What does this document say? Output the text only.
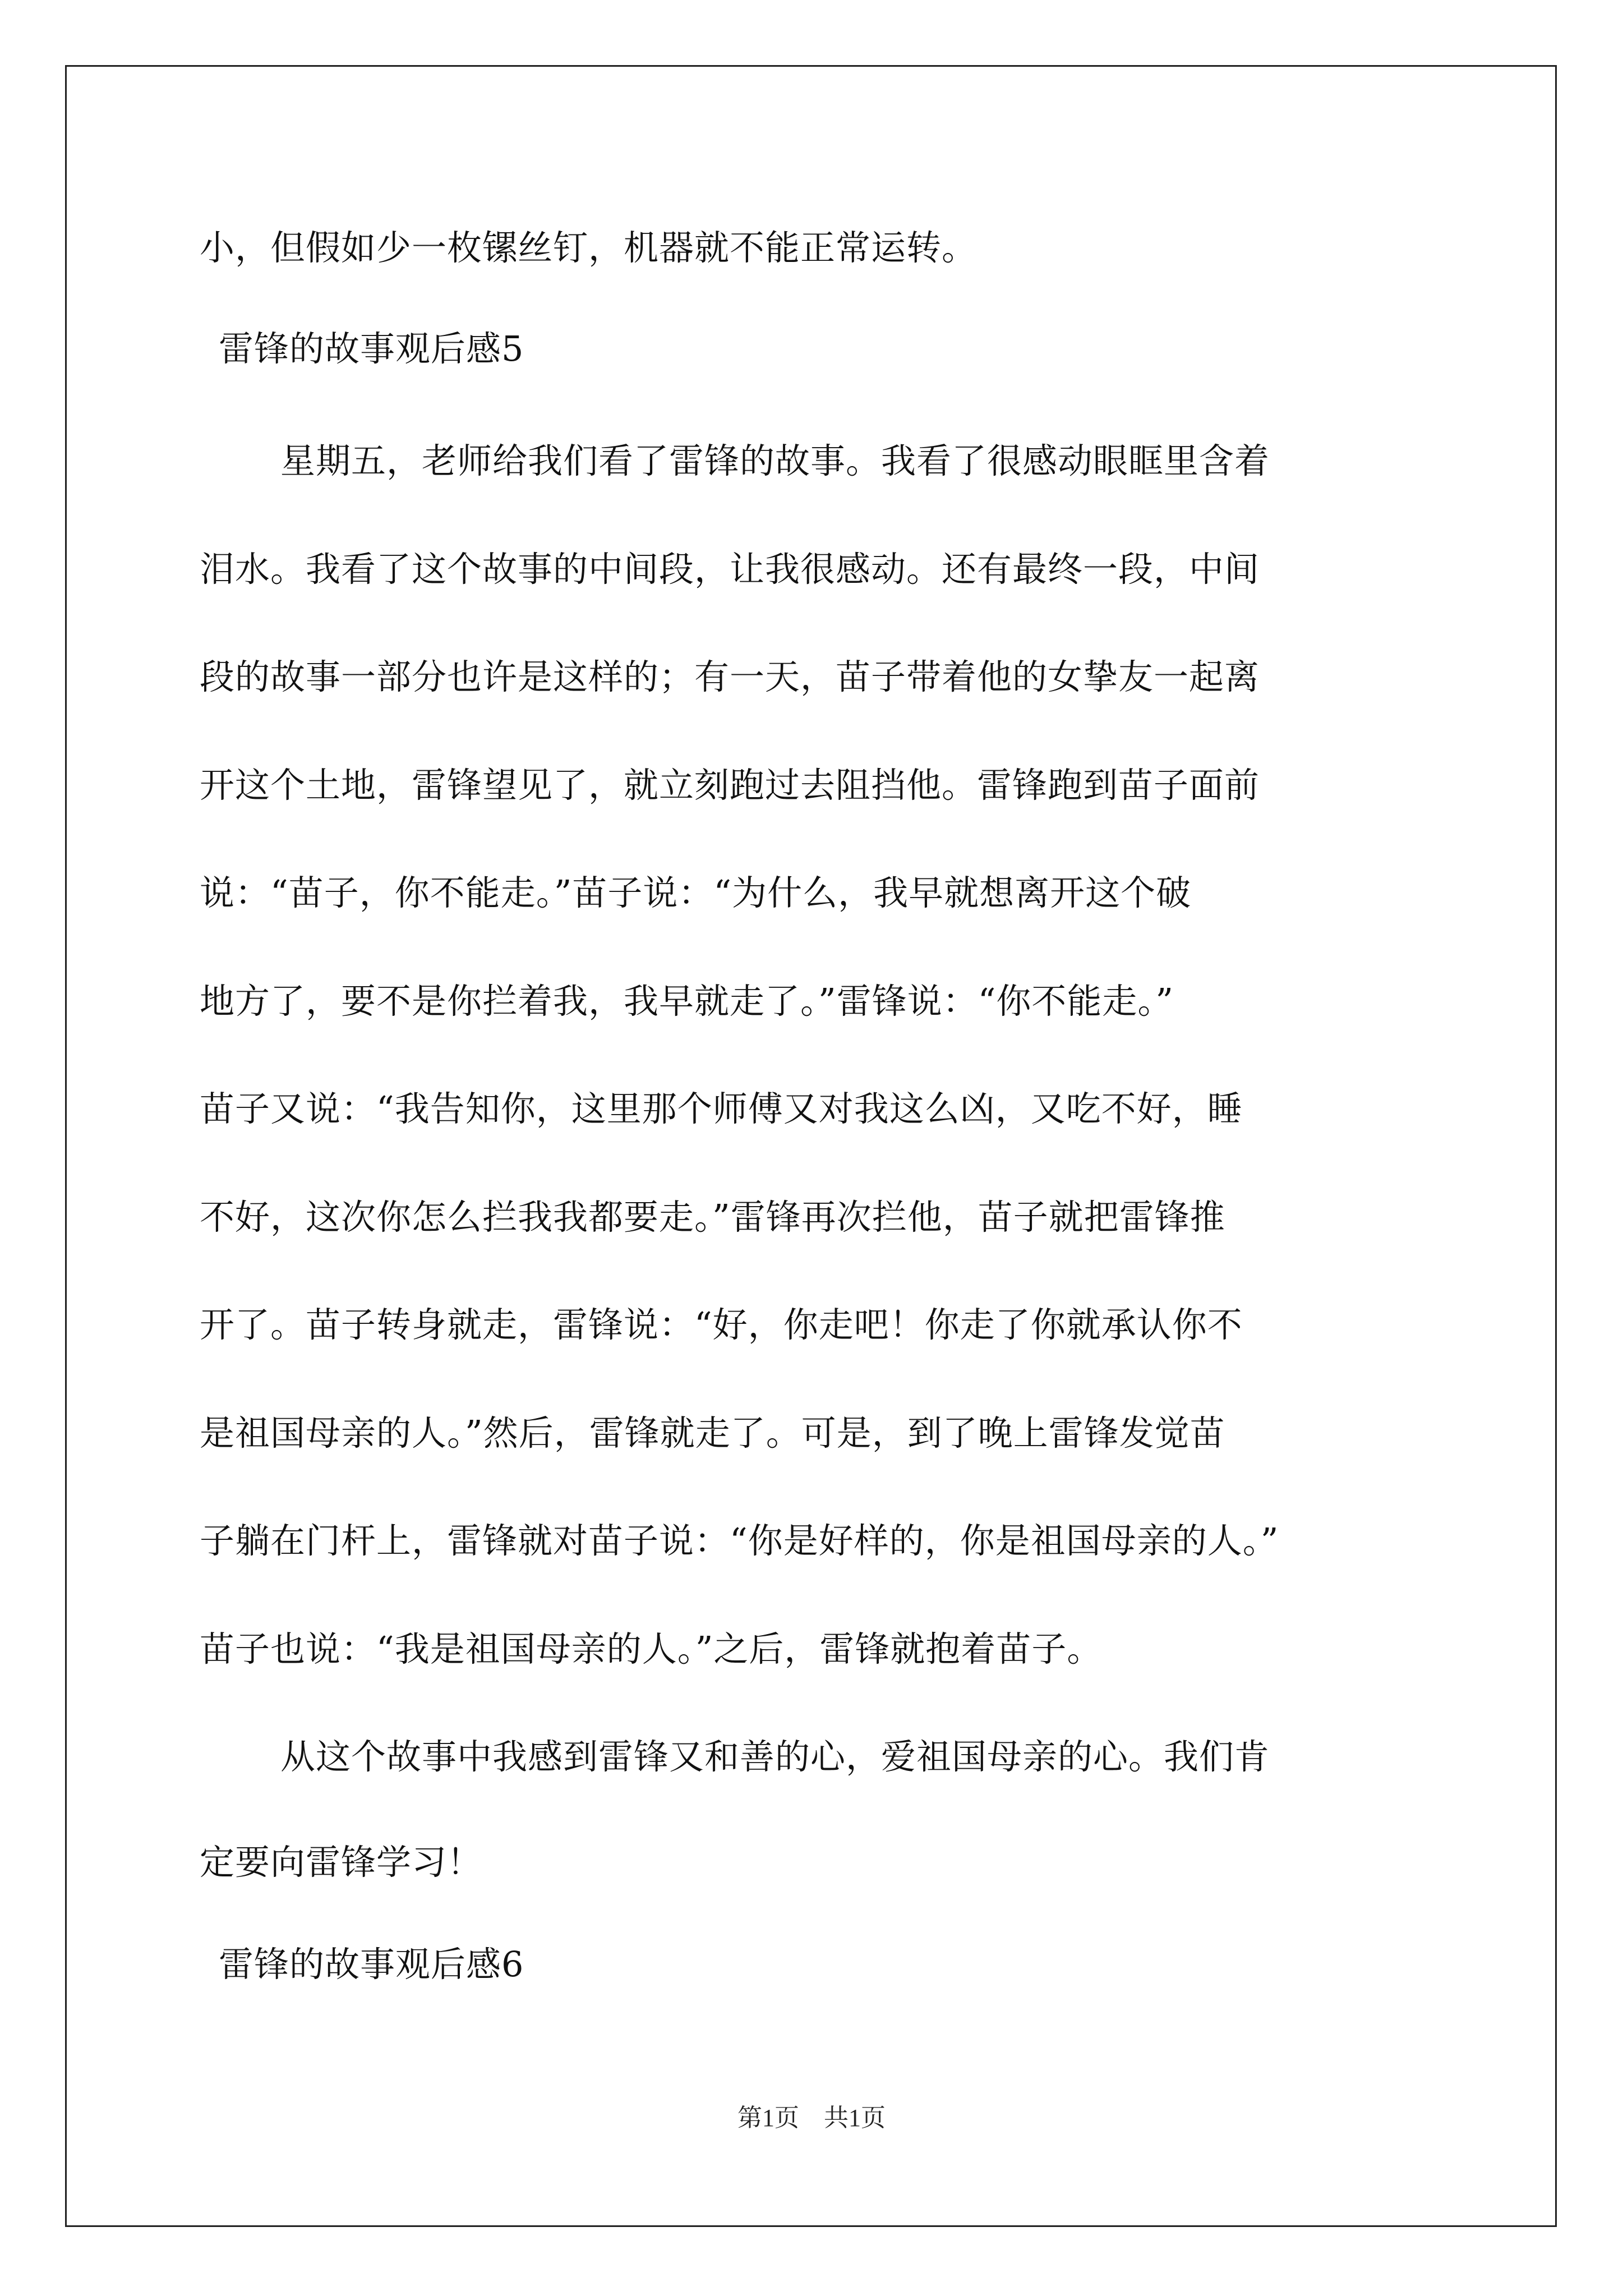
小，但假如少一枚镙丝钉，机器就不能正常运转。
雷锋的故事观后感5
星期五，老师给我们看了雷锋的故事。我看了很感动眼眶里含着
泪水。我看了这个故事的中间段，让我很感动。还有最终一段，中间
段的故事一部分也许是这样的；有一天，苗子带着他的女挚友一起离
开这个土地，雷锋望见了，就立刻跑过去阻挡他。雷锋跑到苗子面前
说：“苗子，你不能走。”苗子说：“为什么，我早就想离开这个破
地方了，要不是你拦着我，我早就走了。”雷锋说：“你不能走。”
苗子又说：“我告知你，这里那个师傅又对我这么凶，又吃不好，睡
不好，这次你怎么拦我我都要走。”雷锋再次拦他，苗子就把雷锋推
开了。苗子转身就走，雷锋说：“好，你走吧！你走了你就承认你不
是祖国母亲的人。”然后，雷锋就走了。可是，到了晚上雷锋发觉苗
子躺在门杆上，雷锋就对苗子说：“你是好样的，你是祖国母亲的人。”
苗子也说：“我是祖国母亲的人。”之后，雷锋就抱着苗子。
从这个故事中我感到雷锋又和善的心，爱祖国母亲的心。我们肯
定要向雷锋学习！
雷锋的故事观后感6
第1页　共1页
